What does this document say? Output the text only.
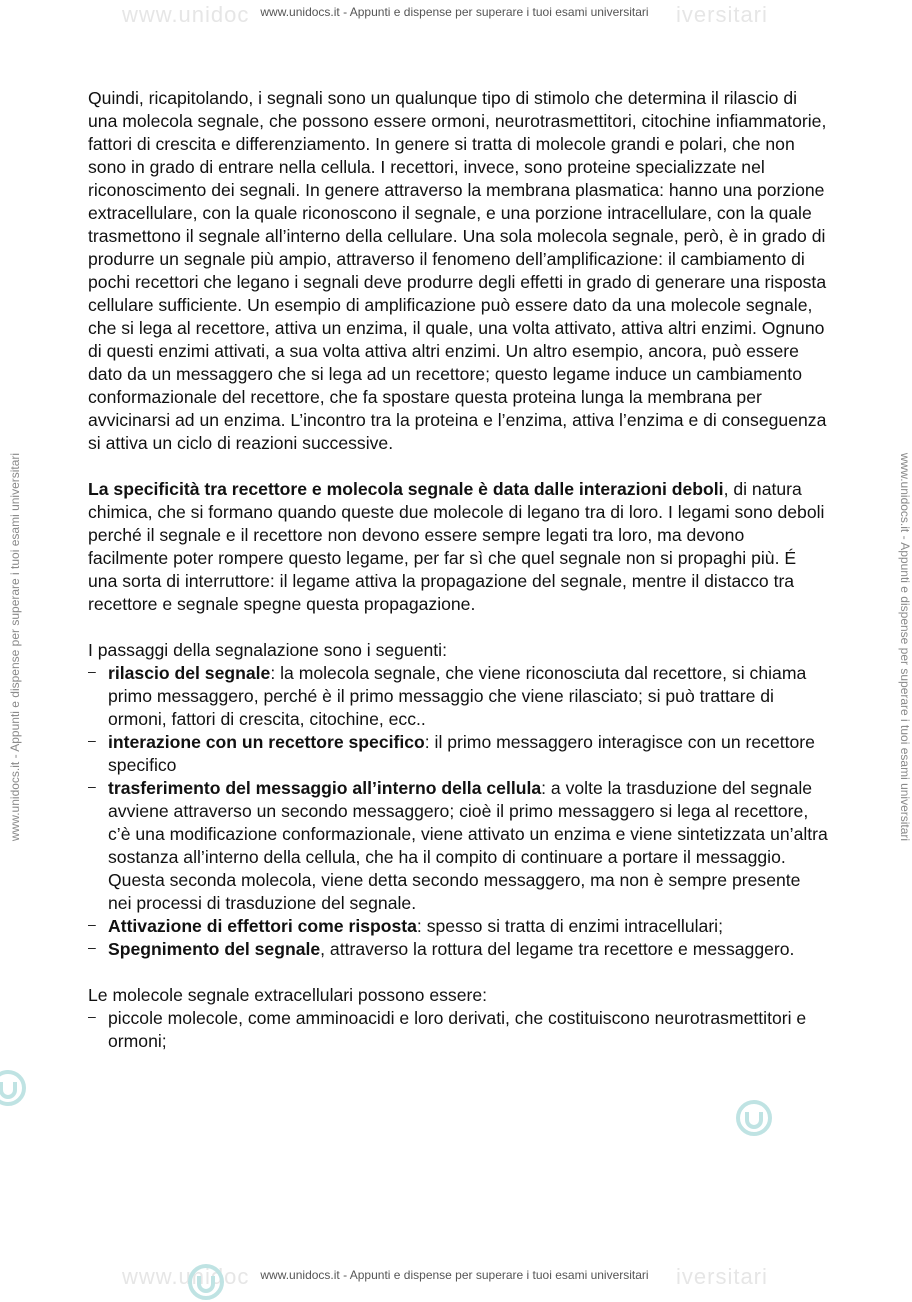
www.unidoc	iversitari
www.unidocs.it - Appunti e dispense per superare i tuoi esami universitari
www.unidoc	iversitari
www.unidocs.it - Appunti e dispense per superare i tuoi esami universitari
www.unidocs.it - Appunti e dispense per superare i tuoi esami universitari	www.unidocs.it - Appunti e dispense per superare i tuoi esami universitari

Quindi, ricapitolando, i segnali sono un qualunque tipo di stimolo che determina il rilascio di una molecola segnale, che possono essere ormoni, neurotrasmettitori, citochine infiammatorie, fattori di crescita e differenziamento. In genere si tratta di molecole grandi e polari, che non sono in grado di entrare nella cellula. I recettori, invece, sono proteine specializzate nel riconoscimento dei segnali. In genere attraverso la membrana plasmatica: hanno una porzione extracellulare, con la quale riconoscono il segnale, e una porzione intracellulare, con la quale trasmettono il segnale all’interno della cellulare. Una sola molecola segnale, però, è in grado di produrre un segnale più ampio, attraverso il fenomeno dell’amplificazione: il cambiamento di pochi recettori che legano i segnali deve produrre degli effetti in grado di generare una risposta cellulare sufficiente. Un esempio di amplificazione può essere dato da una molecole segnale, che si lega al recettore, attiva un enzima, il quale, una volta attivato, attiva altri enzimi. Ognuno di questi enzimi attivati, a sua volta attiva altri enzimi. Un altro esempio, ancora, può essere dato da un messaggero che si lega ad un recettore; questo legame induce un cambiamento conformazionale del recettore, che fa spostare questa proteina lunga la membrana per avvicinarsi ad un enzima. L’incontro tra la proteina e l’enzima, attiva l’enzima e di conseguenza si attiva un ciclo di reazioni successive.

La specificità tra recettore e molecola segnale è data dalle interazioni deboli, di natura chimica, che si formano quando queste due molecole di legano tra di loro. I legami sono deboli perché il segnale e il recettore non devono essere sempre legati tra loro, ma devono facilmente poter rompere questo legame, per far sì che quel segnale non si propaghi più. É una sorta di interruttore: il legame attiva la propagazione del segnale, mentre il distacco tra recettore e segnale spegne questa propagazione.

I passaggi della segnalazione sono i seguenti:

– rilascio del segnale: la molecola segnale, che viene riconosciuta dal recettore, si chiama primo messaggero, perché è il primo messaggio che viene rilasciato; si può trattare di ormoni, fattori di crescita, citochine, ecc..
– interazione con un recettore specifico: il primo messaggero interagisce con un recettore specifico
– trasferimento del messaggio all’interno della cellula: a volte la trasduzione del segnale avviene attraverso un secondo messaggero; cioè il primo messaggero si lega al recettore, c’è una modificazione conformazionale, viene attivato un enzima e viene sintetizzata un’altra sostanza all’interno della cellula, che ha il compito di continuare a portare il messaggio. Questa seconda molecola, viene detta secondo messaggero, ma non è sempre presente nei processi di trasduzione del segnale.
– Attivazione di effettori come risposta: spesso si tratta di enzimi intracellulari;
– Spegnimento del segnale, attraverso la rottura del legame tra recettore e messaggero.

Le molecole segnale extracellulari possono essere:

– piccole molecole, come amminoacidi e loro derivati, che costituiscono neurotrasmettitori e ormoni;
